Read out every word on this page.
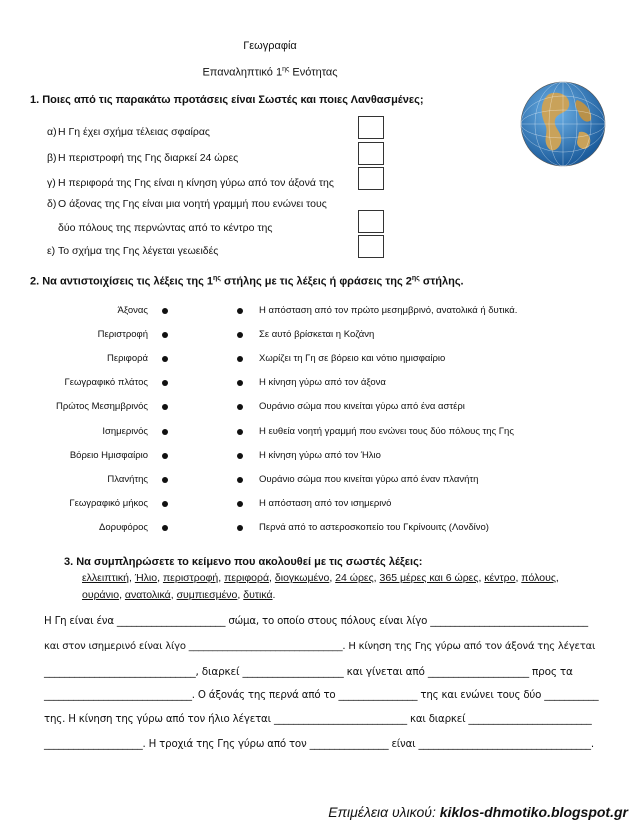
Γεωγραφία
Επαναληπτικό $1^{\eta\varsigma}$ Ενότητας
1. Ποιες από τις παρακάτω προτάσεις είναι Σωστές και ποιες Λανθασμένες;
α) Η Γη έχει σχήμα τέλειας σφαίρας
β) Η περιστροφή της Γης διαρκεί 24 ώρες
γ) Η περιφορά της Γης είναι η κίνηση γύρω από τον άξονά της
δ) Ο άξονας της Γης είναι μια νοητή γραμμή που ενώνει τους
δύο πόλους της περνώντας από το κέντρο της
ε) Το σχήμα της Γης λέγεται γεωειδές
2. Να αντιστοιχίσεις τις λέξεις της $1^{\eta\varsigma}$ στήλης με τις λέξεις ή φράσεις της $2^{\eta\varsigma}$ στήλης.
Άξονας	Η απόσταση από τον πρώτο μεσημβρινό, ανατολικά ή δυτικά.
Περιστροφή	Σε αυτό βρίσκεται η Κοζάνη
Περιφορά	Χωρίζει τη Γη σε βόρειο και νότιο ημισφαίριο
Γεωγραφικό πλάτος	Η κίνηση γύρω από τον άξονα
Πρώτος Μεσημβρινός	Ουράνιο σώμα που κινείται γύρω από ένα αστέρι
Ισημερινός	Η ευθεία νοητή γραμμή που ενώνει τους δύο πόλους της Γης
Βόρειο Ημισφαίριο	Η κίνηση γύρω από τον Ήλιο
Πλανήτης	Ουράνιο σώμα που κινείται γύρω από έναν πλανήτη
Γεωγραφικό μήκος	Η απόσταση από τον ισημερινό
Δορυφόρος	Περνά από το αστεροσκοπείο του Γκρίνουιτς (Λονδίνο)
3. Να συμπληρώσετε το κείμενο που ακολουθεί με τις σωστές λέξεις:
ελλειπτική, Ήλιο, περιστροφή, περιφορά, διογκωμένο, 24 ώρες, 365 μέρες και 6 ώρες, κέντρο, πόλους,
ουράνιο, ανατολικά, συμπιεσμένο, δυτικά.
Η Γη είναι ένα ______________________ σώμα, το οποίο στους πόλους είναι λίγο ________________________________
και στον ισημερινό είναι λίγο ________________________________. Η κίνηση της Γης γύρω από τον άξονά της λέγεται
______________________________, διαρκεί ____________________ και γίνεται από ____________________ προς τα
______________________________. Ο άξονάς της περνά από το ________________ της και ενώνει τους δύο ___________
της. Η κίνηση της γύρω από τον ήλιο λέγεται ___________________________ και διαρκεί _________________________
____________________. Η τροχιά της Γης γύρω από τον ________________ είναι ___________________________________.
Επιμέλεια υλικού: kiklos-dhmotiko.blogspot.gr
